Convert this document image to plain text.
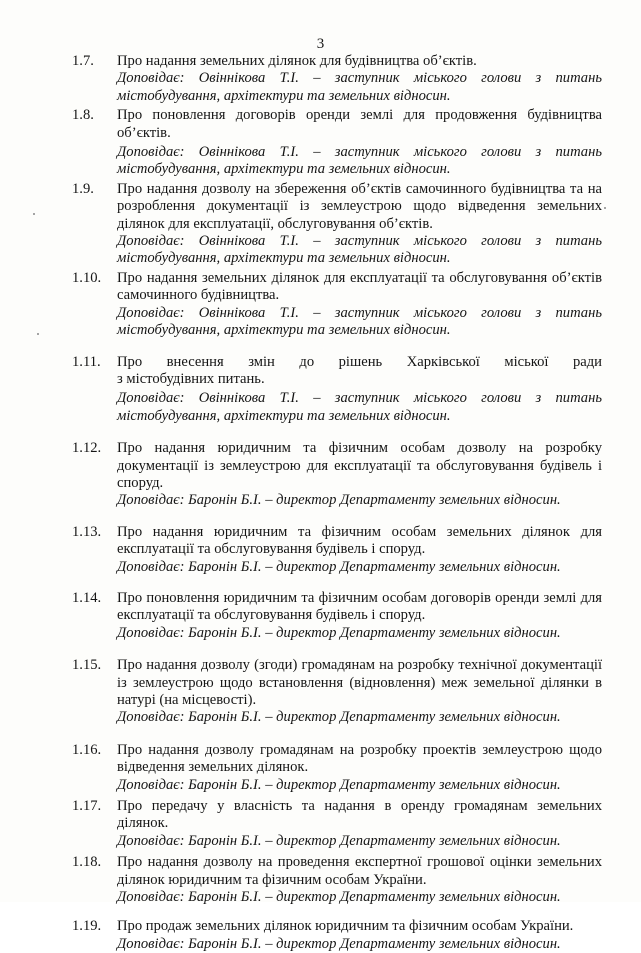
3
1.7. Про надання земельних ділянок для будівництва об’єктів.
Доповідає: Овіннікова Т.І. – заступник міського голови з питань
містобудування, архітектури та земельних відносин.
1.8. Про поновлення договорів оренди землі для продовження будівництва об’єктів.
Доповідає: Овіннікова Т.І. – заступник міського голови з питань
містобудування, архітектури та земельних відносин.
1.9. Про надання дозволу на збереження об’єктів самочинного будівництва та на розроблення документації із землеустрою щодо відведення земельних ділянок для експлуатації, обслуговування об’єктів.
Доповідає: Овіннікова Т.І. – заступник міського голови з питань
містобудування, архітектури та земельних відносин.
1.10. Про надання земельних ділянок для експлуатації та обслуговування об’єктів самочинного будівництва.
Доповідає: Овіннікова Т.І. – заступник міського голови з питань
містобудування, архітектури та земельних відносин.
1.11. Про внесення змін до рішень Харківської міської ради
з містобудівних питань.
Доповідає: Овіннікова Т.І. – заступник міського голови з питань
містобудування, архітектури та земельних відносин.
1.12. Про надання юридичним та фізичним особам дозволу на розробку документації із землеустрою для експлуатації та обслуговування будівель і споруд.
Доповідає: Баронін Б.І. – директор Департаменту земельних відносин.
1.13. Про надання юридичним та фізичним особам земельних ділянок для експлуатації та обслуговування будівель і споруд.
Доповідає: Баронін Б.І. – директор Департаменту земельних відносин.
1.14. Про поновлення юридичним та фізичним особам договорів оренди землі для експлуатації та обслуговування будівель і споруд.
Доповідає: Баронін Б.І. – директор Департаменту земельних відносин.
1.15. Про надання дозволу (згоди) громадянам на розробку технічної документації із землеустрою щодо встановлення (відновлення) меж земельної ділянки в натурі (на місцевості).
Доповідає: Баронін Б.І. – директор Департаменту земельних відносин.
1.16. Про надання дозволу громадянам на розробку проектів землеустрою щодо відведення земельних ділянок.
Доповідає: Баронін Б.І. – директор Департаменту земельних відносин.
1.17. Про передачу у власність та надання в оренду громадянам земельних ділянок.
Доповідає: Баронін Б.І. – директор Департаменту земельних відносин.
1.18. Про надання дозволу на проведення експертної грошової оцінки земельних ділянок юридичним та фізичним особам України.
Доповідає: Баронін Б.І. – директор Департаменту земельних відносин.
1.19. Про продаж земельних ділянок юридичним та фізичним особам України.
Доповідає: Баронін Б.І. – директор Департаменту земельних відносин.
